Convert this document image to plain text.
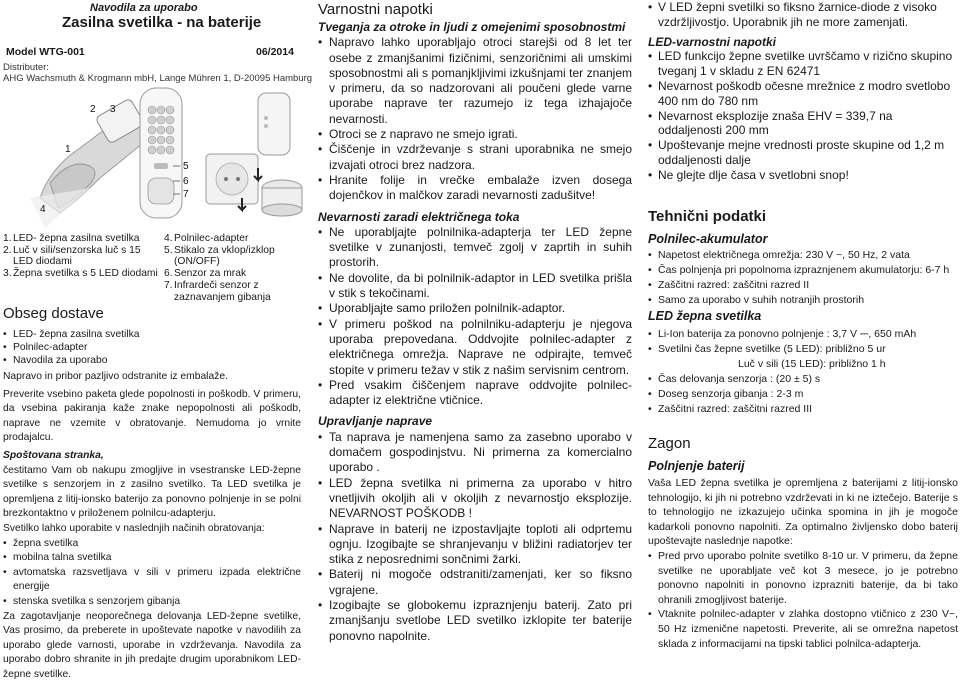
Navodila za uporabo
Zasilna svetilka - na baterije
Model WTG-001	06/2014
Distributer:
AHG Wachsmuth & Krogmann mbH, Lange Mühren 1, D-20095 Hamburg
1
2 3
4
5
6
7
1. LED- žepna zasilna svetilka
2. Luč v sili/senzorska luč s 15 LED diodami
3. Žepna svetilka s 5 LED diodami
4. Polnilec-adapter
5. Stikalo za vklop/izklop (ON/OFF)
6. Senzor za mrak
7. Infrardeči senzor z zaznavanjem gibanja
Obseg dostave
• LED- žepna zasilna svetilka
• Polnilec-adapter
• Navodila za uporabo

Napravo in pribor pazljivo odstranite iz embalaže.

Preverite vsebino paketa glede popolnosti in poškodb. V primeru, da vsebina pakiranja kaže znake nepopolnosti ali poškodb, naprave ne vzemite v obratovanje. Nemudoma jo vrnite prodajalcu.

Spoštovana stranka,

čestitamo Vam ob nakupu zmogljive in vsestranske LED-žepne svetilke s senzorjem in z zasilno svetilko. Ta LED svetilka je opremljena z litij-ionsko baterijo za ponovno polnjenje in se polni brezkontaktno v priloženem polnilcu-adapterju.

Svetilko lahko uporabite v naslednjih načinih obratovanja:

• žepna svetilka
• mobilna talna svetilka
• avtomatska razsvetljava v sili v primeru izpada električne energije
• stenska svetilka s senzorjem gibanja

Za zagotavljanje neoporečnega delovanja LED-žepne svetilke, Vas prosimo, da preberete in upoštevate napotke v navodilih za uporabo glede varnosti, uporabe in vzdrževanja. Navodila za uporabo dobro shranite in jih predajte drugim uporabnikom LED-žepne svetilke.

Varnostni napotki

Tveganja za otroke in ljudi z omejenimi sposobnostmi

• Napravo lahko uporabljajo otroci starejši od 8 let ter osebe z zmanjšanimi fizičnimi, senzoričnimi ali umskimi sposobnostmi ali s pomanjkljivimi izkušnjami ter znanjem v primeru, da so nadzorovani ali poučeni glede varne uporabe naprave ter razumejo iz tega izhajajoče nevarnosti.
• Otroci se z napravo ne smejo igrati.
• Čiščenje in vzdrževanje s strani uporabnika ne smejo izvajati otroci brez nadzora.
• Hranite folije in vrečke embalaže izven dosega dojenčkov in malčkov zaradi nevarnosti zadušitve!

Nevarnosti zaradi električnega toka

• Ne uporabljajte polnilnika-adapterja ter LED žepne svetilke v zunanjosti, temveč zgolj v zaprtih in suhih prostorih.
• Ne dovolite, da bi polnilnik-adaptor in LED svetilka prišla v stik s tekočinami.
• Uporabljajte samo priložen polnilnik-adaptor.
• V primeru poškod na polnilniku-adapterju je njegova uporaba prepovedana. Oddvojite polnilec-adapter z električnega omrežja. Naprave ne odpirajte, temveč stopite v primeru težav v stik z našim servisnim centrom.
• Pred vsakim čiščenjem naprave oddvojite polnilec-adapter iz električne vtičnice.

Upravljanje naprave

• Ta naprava je namenjena samo za zasebno uporabo v domačem gospodinjstvu. Ni primerna za komercialno uporabo .
• LED žepna svetilka ni primerna za uporabo v hitro vnetljivih okoljih ali v okoljih z nevarnostjo eksplozije. NEVARNOST POŠKODB !
• Naprave in baterij ne izpostavljajte toploti ali odprtemu ognju. Izogibajte se shranjevanju v bližini radiatorjev ter stika z neposrednimi sončnimi žarki.
• Baterij ni mogoče odstraniti/zamenjati, ker so fiksno vgrajene.
• Izogibajte se globokemu izpraznjenju baterij. Zato pri zmanjšanju svetlobe LED svetilko izklopite ter baterije ponovno napolnite.
• V LED žepni svetilki so fiksno žarnice-diode z visoko vzdržljivostjo. Uporabnik jih ne more zamenjati.

LED-varnostni napotki

• LED funkcijo žepne svetilke uvrščamo v rizično skupino tveganj 1 v skladu z EN 62471
• Nevarnost poškodb očesne mrežnice z modro svetlobo 400 nm do 780 nm
• Nevarnost eksplozije znaša EHV = 339,7 na oddaljenosti 200 mm
• Upoštevanje mejne vrednosti proste skupine od 1,2 m oddaljenosti dalje
• Ne glejte dlje časa v svetlobni snop!
Tehnični podatki
Polnilec-akumulator
• Napetost električnega omrežja: 230 V ~, 50 Hz, 2 vata
• Čas polnjenja pri popolnoma izpraznjenem akumulatorju: 6-7 h
• Zaščitni razred: zaščitni razred II
• Samo za uporabo v suhih notranjih prostorih
LED žepna svetilka
• Li-Ion baterija za ponovno polnjenje : 3,7 V ⎓, 650 mAh
• Svetilni čas žepne svetilke (5 LED): približno 5 ur
Luč v sili (15 LED): približno 1 h
• Čas delovanja senzorja : (20 ± 5) s
• Doseg senzorja gibanja : 2-3 m
• Zaščitni razred: zaščitni razred III
Zagon
Polnjenje baterij

Vaša LED žepna svetilka je opremljena z baterijami z litij-ionsko tehnologijo, ki jih ni potrebno vzdrževati in ki ne iztečejo. Baterije s to tehnologijo ne izkazujejo učinka spomina in jih je mogoče kadarkoli ponovno napolniti. Za optimalno življensko dobo baterij upoštevajte naslednje napotke:

• Pred prvo uporabo polnite svetilko 8-10 ur. V primeru, da žepne svetilke ne uporabljate več kot 3 mesece, jo je potrebno ponovno napolniti in ponovno izprazniti baterije, da bi tako ohranili zmogljivost baterije.
• Vtaknite polnilec-adapter v zlahka dostopno vtičnico z 230 V~, 50 Hz izmenične napetosti. Preverite, ali se omrežna napetost sklada z informacijami na tipski tablici polnilca-adapterja.
